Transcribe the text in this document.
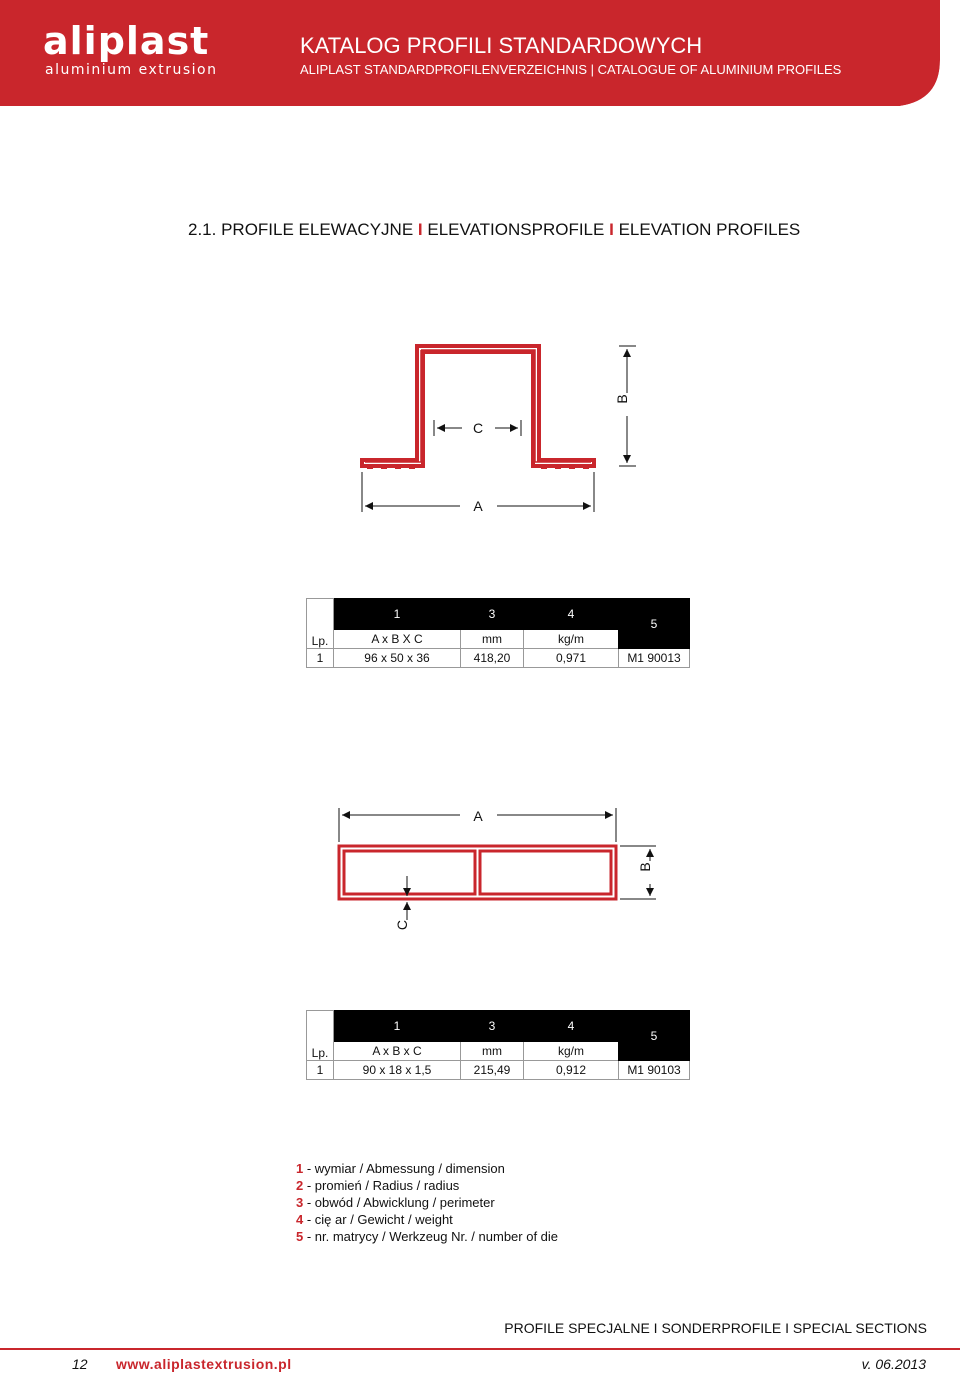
aliplast
aluminium extrusion
KATALOG PROFILI STANDARDOWYCH
ALIPLAST STANDARDPROFILENVERZEICHNIS | CATALOGUE OF ALUMINIUM PROFILES
2.1. PROFILE ELEWACYJNE I ELEVATIONSPROFILE I ELEVATION PROFILES
C
B
A
Lp.	1	3	4	5
	A x B X C	mm	kg/m	
1	96 x 50 x 36	418,20	0,971	M1 90013
A
B
C
Lp.	1	3	4	5
	A x B x C	mm	kg/m	
1	90 x 18 x 1,5	215,49	0,912	M1 90103
1 - wymiar / Abmessung / dimension
2 - promień / Radius / radius
3 - obwód / Abwicklung / perimeter
4 - cię ar / Gewicht / weight
5 - nr. matrycy / Werkzeug Nr. / number of die
PROFILE SPECJALNE I SONDERPROFILE I SPECIAL SECTIONS
12 www.aliplastextrusion.pl	v. 06.2013
